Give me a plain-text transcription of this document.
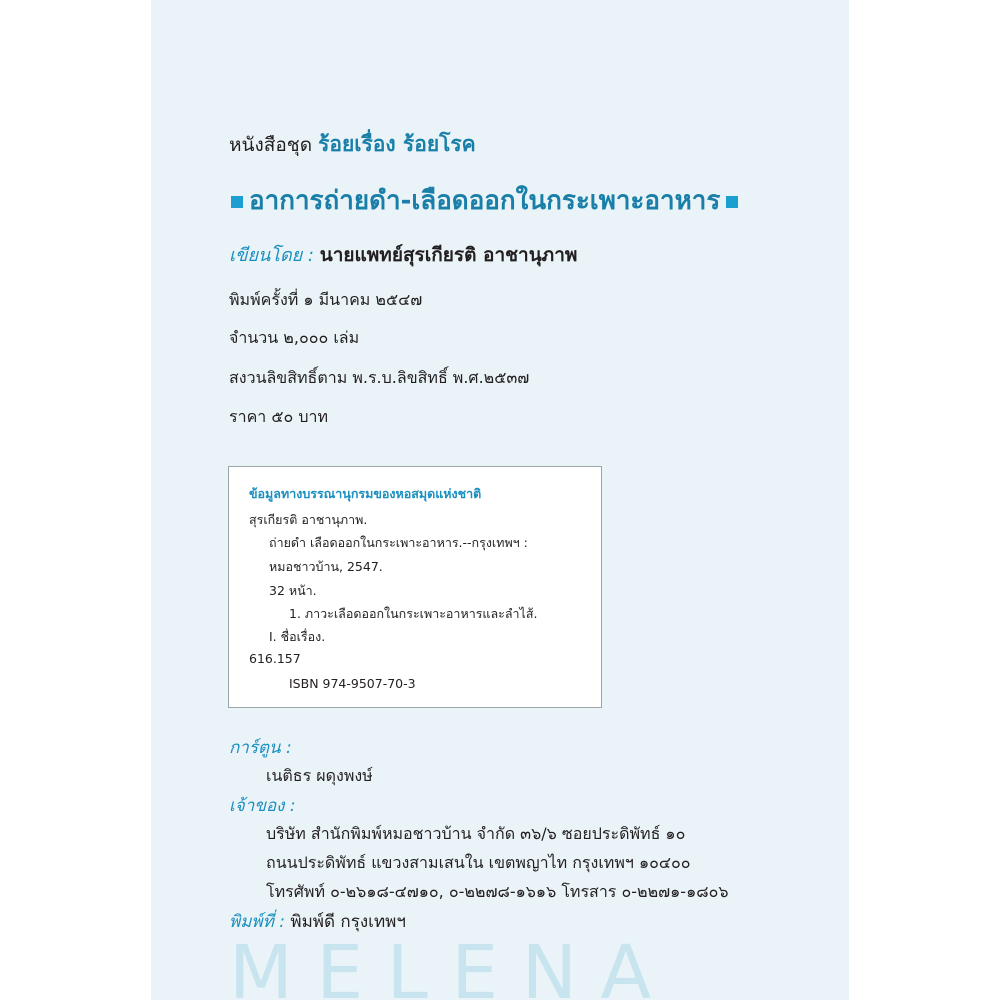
หนังสือชุด ร้อยเรื่อง ร้อยโรค
อาการถ่ายดำ-เลือดออกในกระเพาะอาหาร
เขียนโดย : นายแพทย์สุรเกียรติ อาชานุภาพ
พิมพ์ครั้งที่ ๑ มีนาคม ๒๕๔๗
จำนวน ๒,๐๐๐ เล่ม
สงวนลิขสิทธิ์ตาม พ.ร.บ.ลิขสิทธิ์ พ.ศ.๒๕๓๗
ราคา ๕๐ บาท
ข้อมูลทางบรรณานุกรมของหอสมุดแห่งชาติ
สุรเกียรติ อาชานุภาพ.
ถ่ายดำ เลือดออกในกระเพาะอาหาร.--กรุงเทพฯ :
หมอชาวบ้าน, 2547.
32 หน้า.
1. ภาวะเลือดออกในกระเพาะอาหารและลำไส้.
I. ชื่อเรื่อง.
616.157
ISBN 974-9507-70-3
การ์ตูน :
เนติธร ผดุงพงษ์
เจ้าของ :
บริษัท สำนักพิมพ์หมอชาวบ้าน จำกัด ๓๖/๖ ซอยประดิพัทธ์ ๑๐
ถนนประดิพัทธ์ แขวงสามเสนใน เขตพญาไท กรุงเทพฯ ๑๐๔๐๐
โทรศัพท์ ๐-๒๖๑๘-๔๗๑๐, ๐-๒๒๗๘-๑๖๑๖ โทรสาร ๐-๒๒๗๑-๑๘๐๖
พิมพ์ที่ : พิมพ์ดี กรุงเทพฯ
M E L E N A
